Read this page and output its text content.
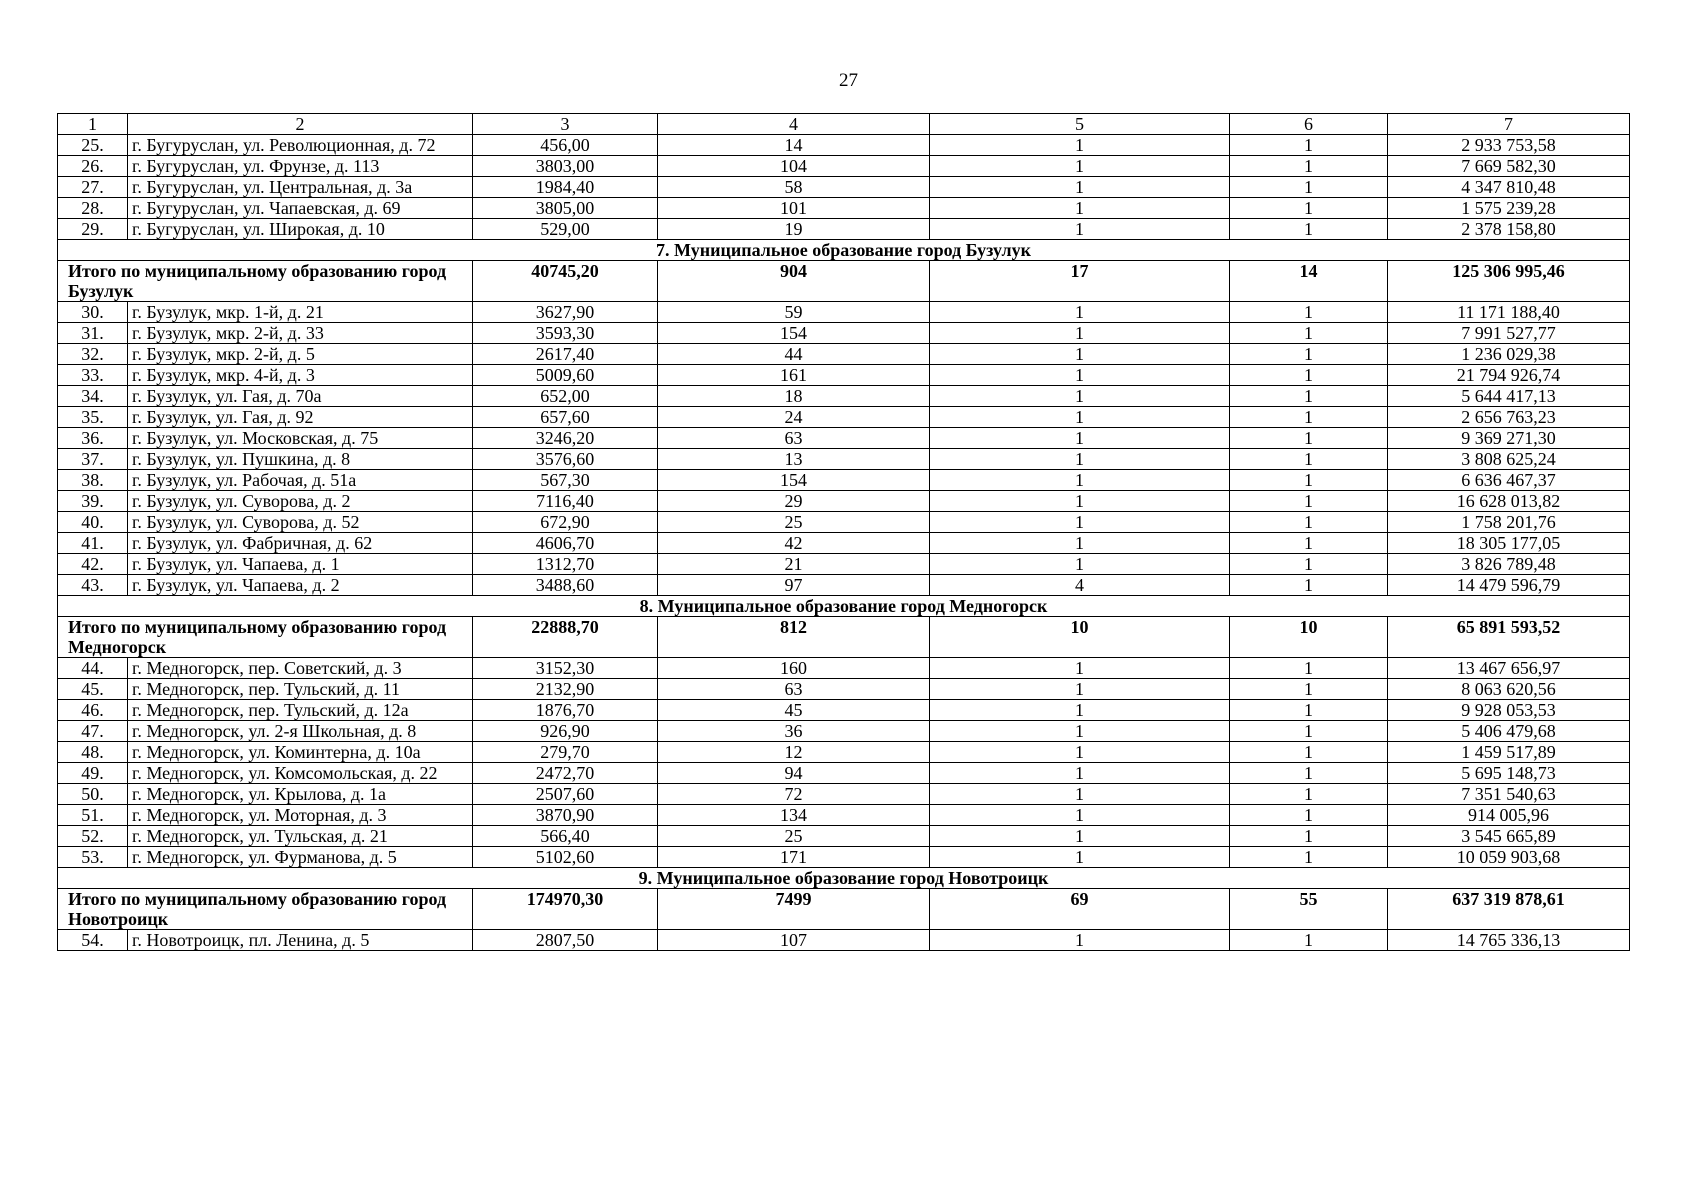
27
1	2	3	4	5	6	7
25.	г. Бугуруслан, ул. Революционная, д. 72	456,00	14	1	1	2 933 753,58
26.	г. Бугуруслан, ул. Фрунзе, д. 113	3803,00	104	1	1	7 669 582,30
27.	г. Бугуруслан, ул. Центральная, д. 3а	1984,40	58	1	1	4 347 810,48
28.	г. Бугуруслан, ул. Чапаевская, д. 69	3805,00	101	1	1	1 575 239,28
29.	г. Бугуруслан, ул. Широкая, д. 10	529,00	19	1	1	2 378 158,80
7. Муниципальное образование город Бузулук						
Итого по муниципальному образованию город Бузулук		40745,20	904	17	14	125 306 995,46
30.	г. Бузулук, мкр. 1-й, д. 21	3627,90	59	1	1	11 171 188,40
31.	г. Бузулук, мкр. 2-й, д. 33	3593,30	154	1	1	7 991 527,77
32.	г. Бузулук, мкр. 2-й, д. 5	2617,40	44	1	1	1 236 029,38
33.	г. Бузулук, мкр. 4-й, д. 3	5009,60	161	1	1	21 794 926,74
34.	г. Бузулук, ул. Гая, д. 70а	652,00	18	1	1	5 644 417,13
35.	г. Бузулук, ул. Гая, д. 92	657,60	24	1	1	2 656 763,23
36.	г. Бузулук, ул. Московская, д. 75	3246,20	63	1	1	9 369 271,30
37.	г. Бузулук, ул. Пушкина, д. 8	3576,60	13	1	1	3 808 625,24
38.	г. Бузулук, ул. Рабочая, д. 51а	567,30	154	1	1	6 636 467,37
39.	г. Бузулук, ул. Суворова, д. 2	7116,40	29	1	1	16 628 013,82
40.	г. Бузулук, ул. Суворова, д. 52	672,90	25	1	1	1 758 201,76
41.	г. Бузулук, ул. Фабричная, д. 62	4606,70	42	1	1	18 305 177,05
42.	г. Бузулук, ул. Чапаева, д. 1	1312,70	21	1	1	3 826 789,48
43.	г. Бузулук, ул. Чапаева, д. 2	3488,60	97	4	1	14 479 596,79
8. Муниципальное образование город Медногорск						
Итого по муниципальному образованию город Медногорск		22888,70	812	10	10	65 891 593,52
44.	г. Медногорск, пер. Советский, д. 3	3152,30	160	1	1	13 467 656,97
45.	г. Медногорск, пер. Тульский, д. 11	2132,90	63	1	1	8 063 620,56
46.	г. Медногорск, пер. Тульский, д. 12а	1876,70	45	1	1	9 928 053,53
47.	г. Медногорск, ул. 2-я Школьная, д. 8	926,90	36	1	1	5 406 479,68
48.	г. Медногорск, ул. Коминтерна, д. 10а	279,70	12	1	1	1 459 517,89
49.	г. Медногорск, ул. Комсомольская, д. 22	2472,70	94	1	1	5 695 148,73
50.	г. Медногорск, ул. Крылова, д. 1а	2507,60	72	1	1	7 351 540,63
51.	г. Медногорск, ул. Моторная, д. 3	3870,90	134	1	1	914 005,96
52.	г. Медногорск, ул. Тульская, д. 21	566,40	25	1	1	3 545 665,89
53.	г. Медногорск, ул. Фурманова, д. 5	5102,60	171	1	1	10 059 903,68
9. Муниципальное образование город Новотроицк						
Итого по муниципальному образованию город Новотроицк		174970,30	7499	69	55	637 319 878,61
54.	г. Новотроицк, пл. Ленина, д. 5	2807,50	107	1	1	14 765 336,13
